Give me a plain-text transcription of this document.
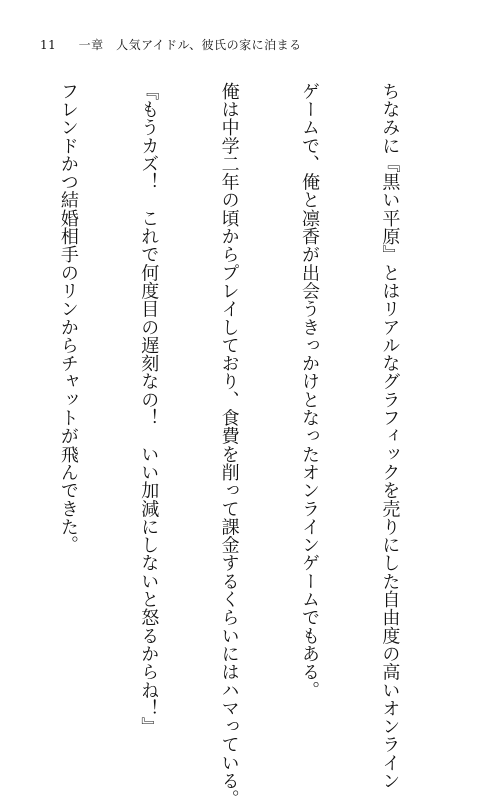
11 一章　人気アイドル、彼氏の家に泊まる

ちなみに『黒い平原』とはリアルなグラフィックを売りにした自由度の高いオンライン

ゲームで、俺と凛香が出会うきっかけとなったオンラインゲームでもある。

俺は中学二年の頃からプレイしており、食費を削って課金するくらいにはハマっている。

『もうカズ！　これで何度目の遅刻なの！　いい加減にしないと怒るからね！』

フレンドかつ結婚相手のリンからチャットが飛んできた。
